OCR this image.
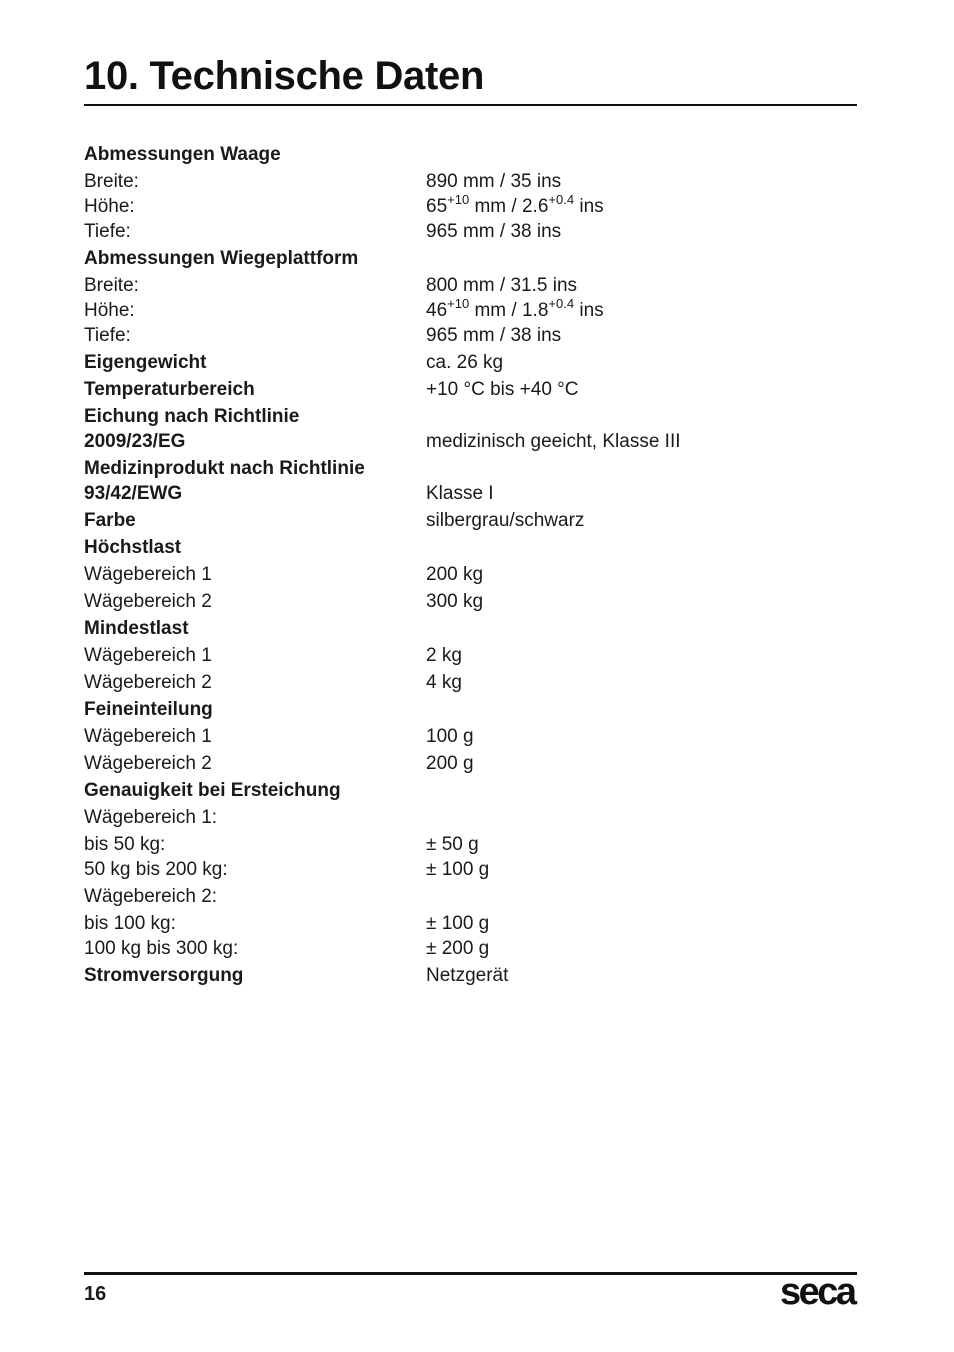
10. Technische Daten
Abmessungen Waage
Breite:	890 mm / 35 ins
Höhe:	$65^{+10}$ mm / $2.6^{+0.4}$ ins
Tiefe:	965 mm / 38 ins
Abmessungen Wiegeplattform
Breite:	800 mm / 31.5 ins
Höhe:	$46^{+10}$ mm / $1.8^{+0.4}$ ins
Tiefe:	965 mm / 38 ins
Eigengewicht	ca. 26 kg
Temperaturbereich	+10 °C bis +40 °C
Eichung nach Richtlinie
2009/23/EG	medizinisch geeicht, Klasse III
Medizinprodukt nach Richtlinie
93/42/EWG	Klasse I
Farbe	silbergrau/schwarz
Höchstlast
Wägebereich 1	200 kg
Wägebereich 2	300 kg
Mindestlast
Wägebereich 1	2 kg
Wägebereich 2	4 kg
Feineinteilung
Wägebereich 1	100 g
Wägebereich 2	200 g
Genauigkeit bei Ersteichung
Wägebereich 1:
bis 50 kg:	± 50 g
50 kg bis 200 kg:	± 100 g
Wägebereich 2:
bis 100 kg:	± 100 g
100 kg bis 300 kg:	± 200 g
Stromversorgung	Netzgerät
16	seca
